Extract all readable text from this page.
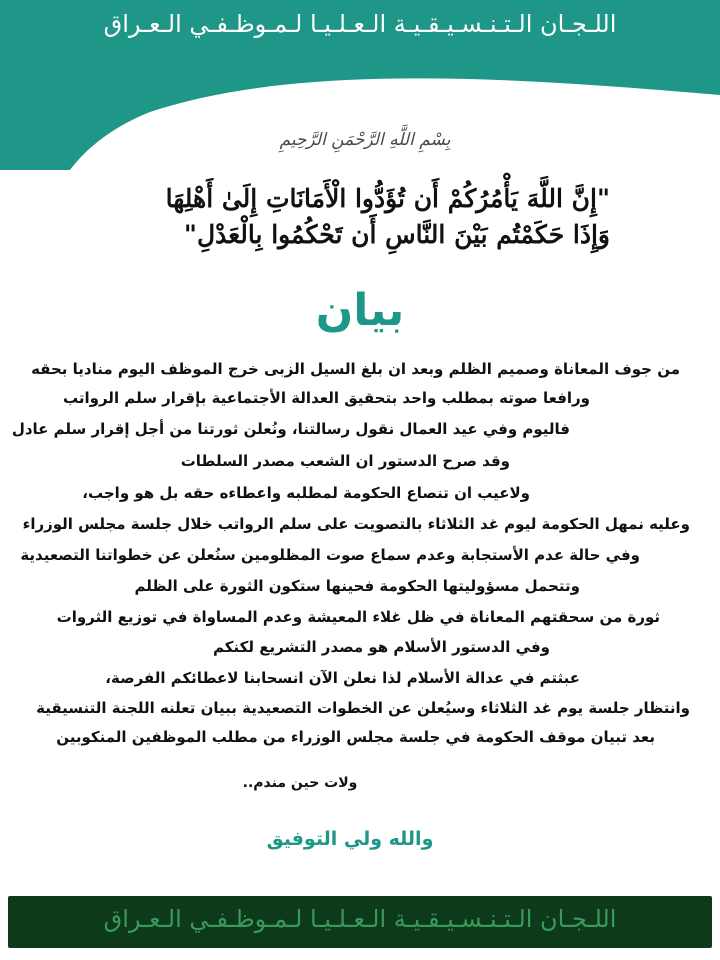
اللـجـان الـتـنـسـيـقـيـة الـعـلـيـا لـمـوظـفـي الـعـراق
بِسْمِ اللَّهِ الرَّحْمَنِ الرَّحِيمِ
"إِنَّ اللَّهَ يَأْمُرُكُمْ أَن تُؤَدُّوا الْأَمَانَاتِ إِلَىٰ أَهْلِهَا
وَإِذَا حَكَمْتُم بَيْنَ النَّاسِ أَن تَحْكُمُوا بِالْعَدْلِ"
بيان
من جوف المعاناة وصميم الظلم وبعد ان بلغ السيل الزبى خرج الموظف اليوم مناديا بحقه
ورافعا صوته بمطلب واحد بتحقيق العدالة الأجتماعية بإقرار سلم الرواتب
فاليوم وفي عيد العمال نقول رسالتنا، ونُعلن ثورتنا من أجل إقرار سلم عادل
وقد صرح الدستور ان الشعب مصدر السلطات
ولاعيب ان تنصاع الحكومة لمطلبه واعطاءه حقه بل هو واجب،
وعليه نمهل الحكومة ليوم غد الثلاثاء بالتصويت على سلم الرواتب خلال جلسة مجلس الوزراء
وفي حالة عدم الأستجابة وعدم سماع صوت المظلومين سنُعلن عن خطواتنا التصعيدية
وتتحمل مسؤوليتها الحكومة فحينها ستكون الثورة على الظلم
ثورة من سحقتهم المعاناة في ظل غلاء المعيشة وعدم المساواة في توزيع الثروات
وفي الدستور الأسلام هو مصدر التشريع لكنكم
عبثتم في عدالة الأسلام لذا نعلن الآن انسحابنا لاعطائكم الفرصة،
وانتظار جلسة يوم غد الثلاثاء وسيُعلن عن الخطوات التصعيدية ببيان تعلنه اللجنة التنسيقية
بعد تبيان موقف الحكومة في جلسة مجلس الوزراء من مطلب الموظفين المنكوبين
ولات حين مندم..
والله ولي التوفيق
اللـجـان الـتـنـسـيـقـيـة الـعـلـيـا لـمـوظـفـي الـعـراق
